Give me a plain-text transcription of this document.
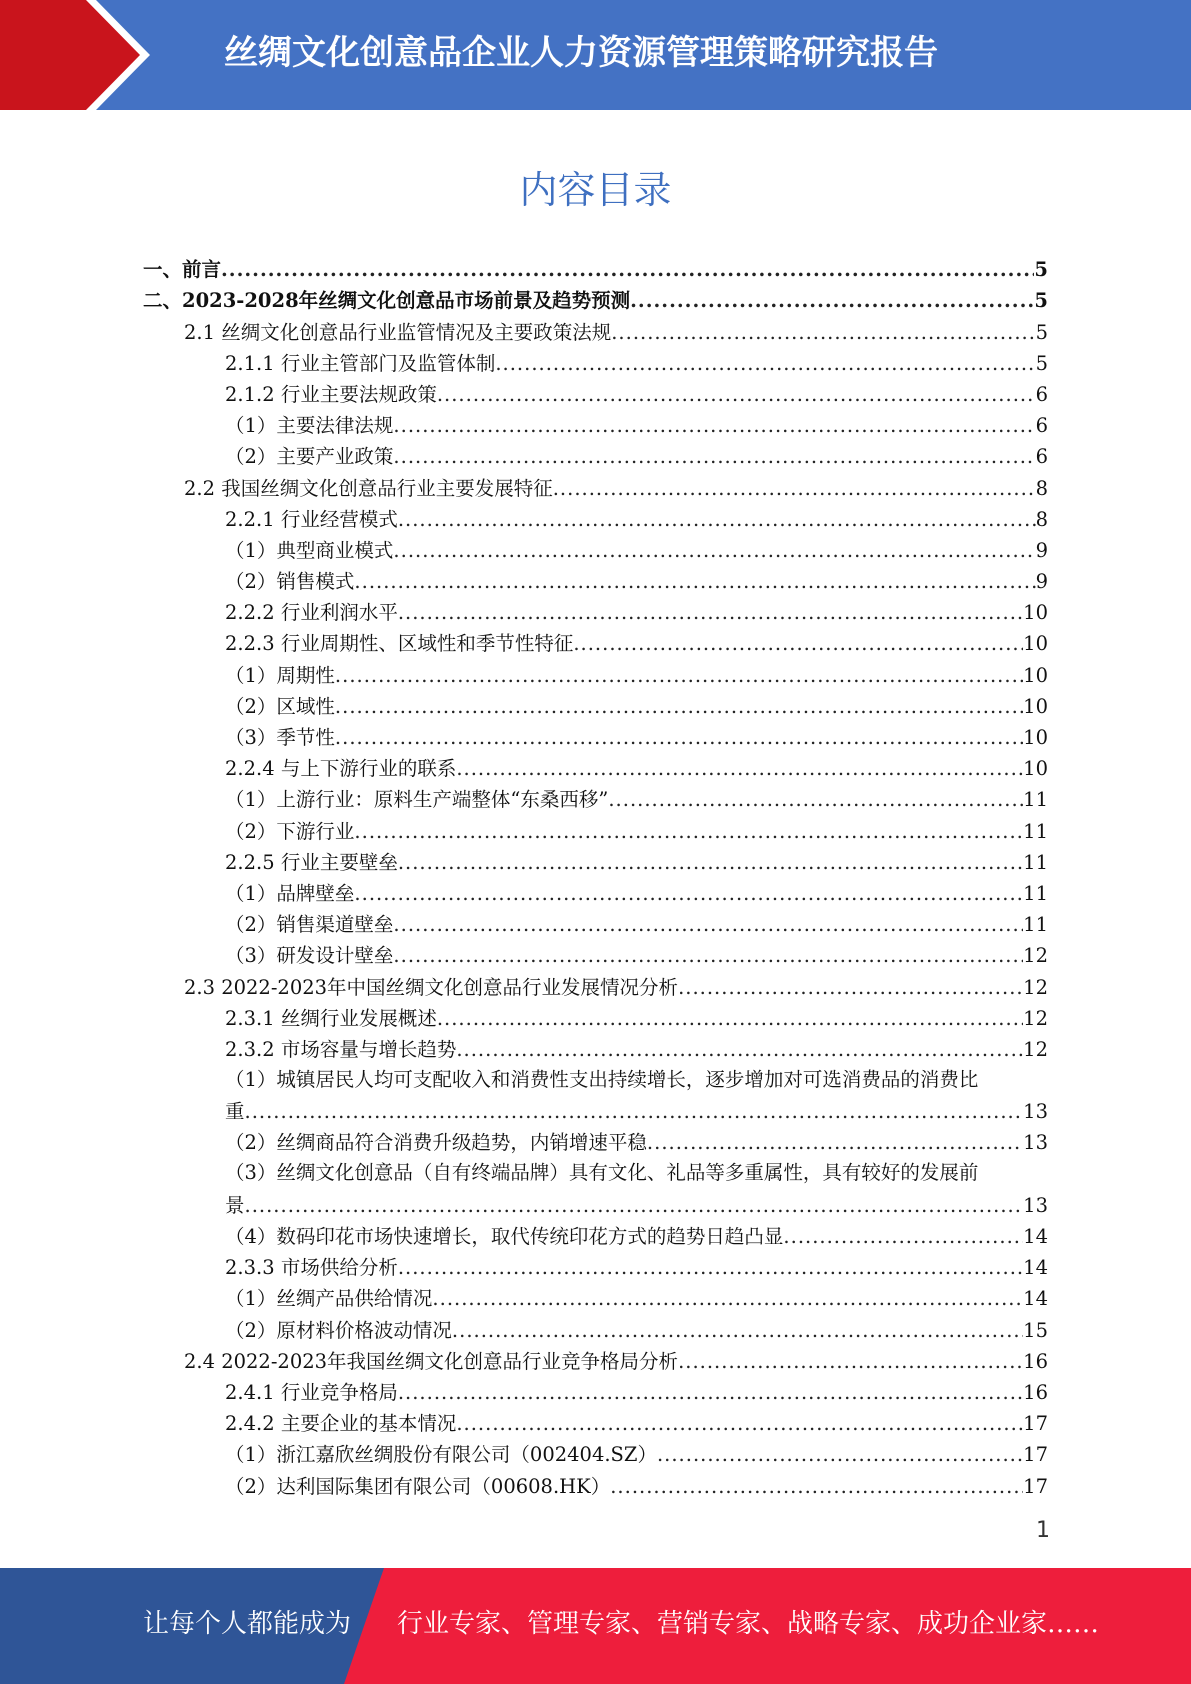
丝绸文化创意品企业人力资源管理策略研究报告
内容目录
一、前言 .....	5
二、2023-2028年丝绸文化创意品市场前景及趋势预测 .....	5
2.1 丝绸文化创意品行业监管情况及主要政策法规 .....	5
2.1.1 行业主管部门及监管体制 .....	5
2.1.2 行业主要法规政策 .....	6
（1）主要法律法规 .....	6
（2）主要产业政策 .....	6
2.2 我国丝绸文化创意品行业主要发展特征 .....	8
2.2.1 行业经营模式 .....	8
（1）典型商业模式 .....	9
（2）销售模式 .....	9
2.2.2 行业利润水平 .....	10
2.2.3 行业周期性、区域性和季节性特征 .....	10
（1）周期性 .....	10
（2）区域性 .....	10
（3）季节性 .....	10
2.2.4 与上下游行业的联系 .....	10
（1）上游行业：原料生产端整体“东桑西移” .....	11
（2）下游行业 .....	11
2.2.5 行业主要壁垒 .....	11
（1）品牌壁垒 .....	11
（2）销售渠道壁垒 .....	11
（3）研发设计壁垒 .....	12
2.3 2022-2023年中国丝绸文化创意品行业发展情况分析 .....	12
2.3.1 丝绸行业发展概述 .....	12
2.3.2 市场容量与增长趋势 .....	12
（1）城镇居民人均可支配收入和消费性支出持续增长，逐步增加对可选消费品的消费比
重 .....	13
（2）丝绸商品符合消费升级趋势，内销增速平稳 .....	13
（3）丝绸文化创意品（自有终端品牌）具有文化、礼品等多重属性，具有较好的发展前
景 .....	13
（4）数码印花市场快速增长，取代传统印花方式的趋势日趋凸显 .....	14
2.3.3 市场供给分析 .....	14
（1）丝绸产品供给情况 .....	14
（2）原材料价格波动情况 .....	15
2.4 2022-2023年我国丝绸文化创意品行业竞争格局分析 .....	16
2.4.1 行业竞争格局 .....	16
2.4.2 主要企业的基本情况 .....	17
（1）浙江嘉欣丝绸股份有限公司（002404.SZ） .....	17
（2）达利国际集团有限公司（00608.HK） .....	17
1
让每个人都能成为 行业专家、管理专家、营销专家、战略专家、成功企业家……
